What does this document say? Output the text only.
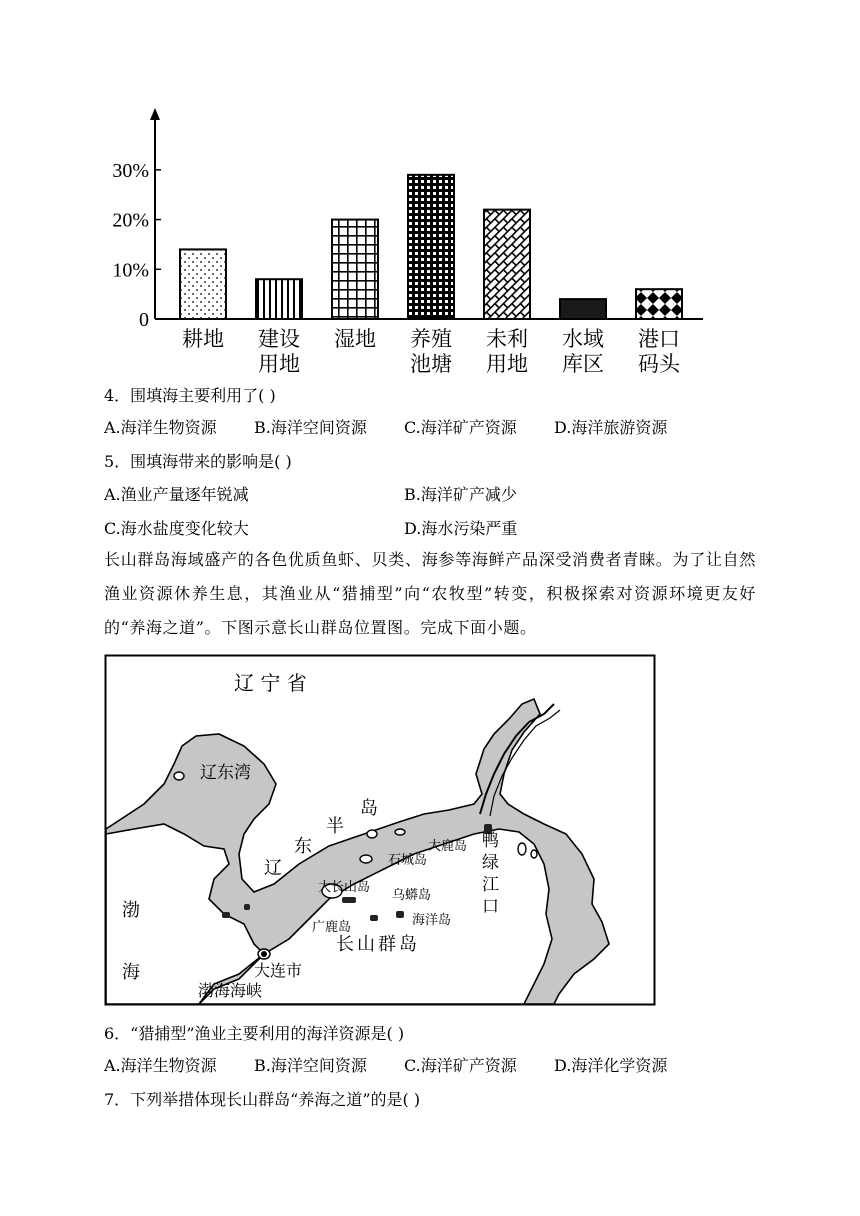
0
10%
20%
30%
耕地 建设
用地
湿地 养殖
池塘
未利
用地
水域
库区
港口
码头
4．围填海主要利用了( )
A.海洋生物资源 B.海洋空间资源 C.海洋矿产资源 D.海洋旅游资源
5．围填海带来的影响是( )
A.渔业产量逐年锐减	B.海洋矿产减少
C.海水盐度变化较大	D.海水污染严重
长山群岛海域盛产的各色优质鱼虾、贝类、海参等海鲜产品深受消费者青睐。为了让自然渔业资源休养生息，其渔业从“猎捕型”向“农牧型”转变，积极探索对资源环境更友好的“养海之道”。下图示意长山群岛位置图。完成下面小题。
辽 宁 省
辽东湾
辽
东
半
岛
渤
海
渤海海峡
大连市
鸭
绿
江
口
长山群岛
大鹿岛
石城岛
大长山岛
乌蟒岛
广鹿岛	海洋岛
6．“猎捕型”渔业主要利用的海洋资源是( )
A.海洋生物资源 B.海洋空间资源 C.海洋矿产资源 D.海洋化学资源
7．下列举措体现长山群岛“养海之道”的是( )
